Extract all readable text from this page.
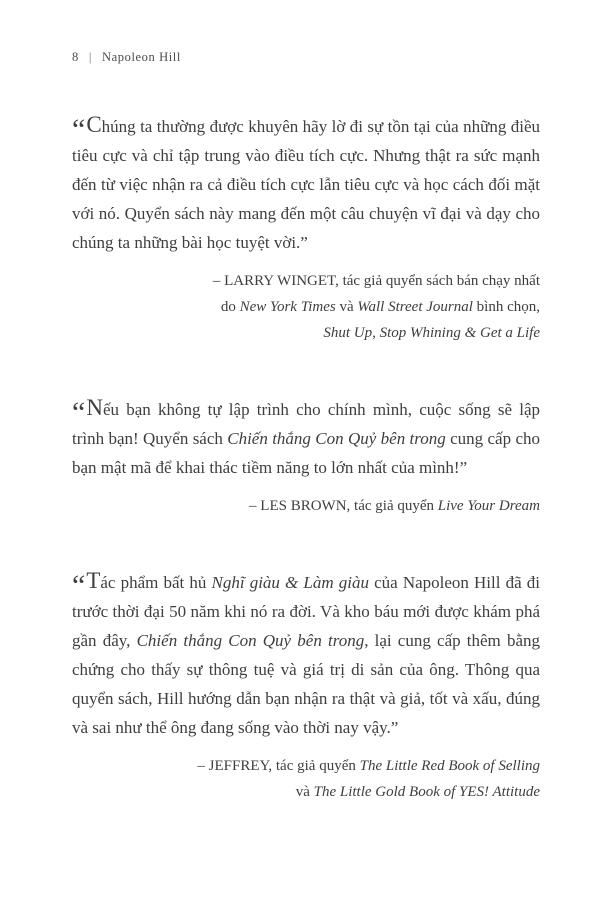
8 | Napoleon Hill

“Chúng ta thường được khuyên hãy lờ đi sự tồn tại của những điều tiêu cực và chỉ tập trung vào điều tích cực. Nhưng thật ra sức mạnh đến từ việc nhận ra cả điều tích cực lẫn tiêu cực và học cách đối mặt với nó. Quyển sách này mang đến một câu chuyện vĩ đại và dạy cho chúng ta những bài học tuyệt vời.”

– LARRY WINGET, tác giả quyển sách bán chạy nhất
do New York Times và Wall Street Journal bình chọn,
Shut Up, Stop Whining & Get a Life

“Nếu bạn không tự lập trình cho chính mình, cuộc sống sẽ lập trình bạn! Quyển sách Chiến thắng Con Quỷ bên trong cung cấp cho bạn mật mã để khai thác tiềm năng to lớn nhất của mình!”

– LES BROWN, tác giả quyển Live Your Dream

“Tác phẩm bất hủ Nghĩ giàu & Làm giàu của Napoleon Hill đã đi trước thời đại 50 năm khi nó ra đời. Và kho báu mới được khám phá gần đây, Chiến thắng Con Quỷ bên trong, lại cung cấp thêm bằng chứng cho thấy sự thông tuệ và giá trị di sản của ông. Thông qua quyển sách, Hill hướng dẫn bạn nhận ra thật và giả, tốt và xấu, đúng và sai như thể ông đang sống vào thời nay vậy.”

– JEFFREY, tác giả quyển The Little Red Book of Selling
và The Little Gold Book of YES! Attitude
